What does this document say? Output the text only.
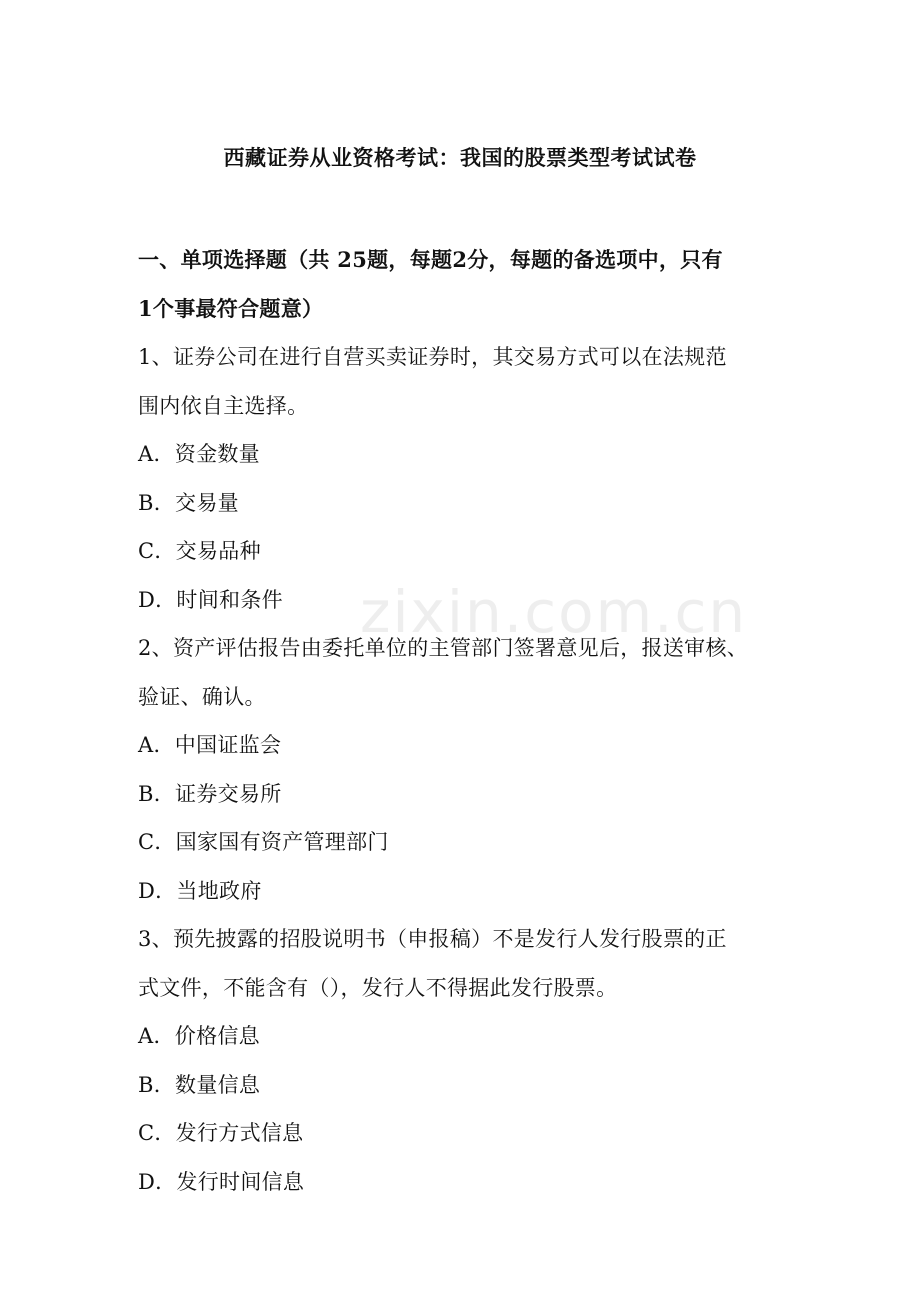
zixin.com.cn
西藏证券从业资格考试：我国的股票类型考试试卷
一、单项选择题（共 25题，每题2分，每题的备选项中，只有
1个事最符合题意）
1、证券公司在进行自营买卖证券时，其交易方式可以在法规范
围内依自主选择。
A．资金数量
B．交易量
C．交易品种
D．时间和条件
2、资产评估报告由委托单位的主管部门签署意见后，报送审核、
验证、确认。
A．中国证监会
B．证券交易所
C．国家国有资产管理部门
D．当地政府
3、预先披露的招股说明书（申报稿）不是发行人发行股票的正
式文件，不能含有（），发行人不得据此发行股票。
A．价格信息
B．数量信息
C．发行方式信息
D．发行时间信息
